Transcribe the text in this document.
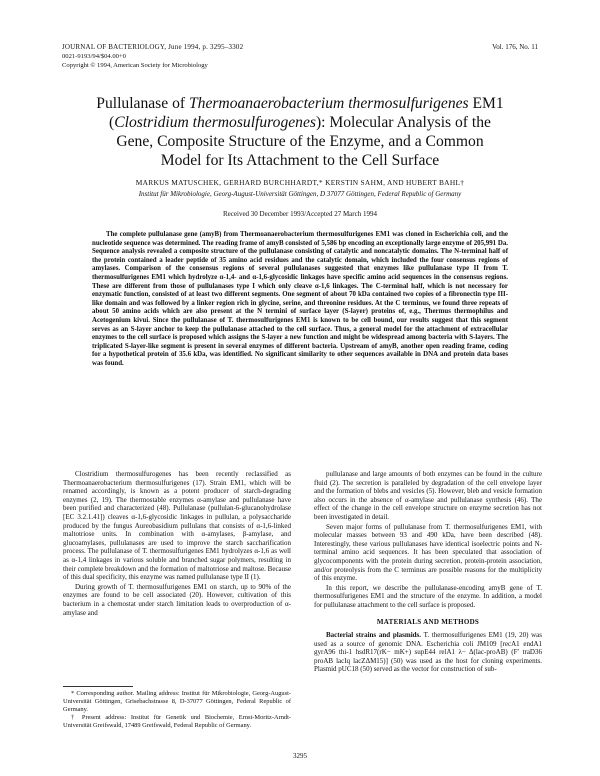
JOURNAL OF BACTERIOLOGY, June 1994, p. 3295–3302
0021-9193/94/$04.00+0
Copyright © 1994, American Society for Microbiology
Vol. 176, No. 11
Pullulanase of Thermoanaerobacterium thermosulfurigenes EM1
(Clostridium thermosulfurogenes): Molecular Analysis of the
Gene, Composite Structure of the Enzyme, and a Common
Model for Its Attachment to the Cell Surface
MARKUS MATUSCHEK, GERHARD BURCHHARDT,* KERSTIN SAHM, AND HUBERT BAHL†
Institut für Mikrobiologie, Georg-August-Universität Göttingen, D 37077 Göttingen, Federal Republic of Germany
Received 30 December 1993/Accepted 27 March 1994
The complete pullulanase gene (amyB) from Thermoanaerobacterium thermosulfurigenes EM1 was cloned in Escherichia coli, and the nucleotide sequence was determined. The reading frame of amyB consisted of 5,586 bp encoding an exceptionally large enzyme of 205,991 Da. Sequence analysis revealed a composite structure of the pullulanase consisting of catalytic and noncatalytic domains. The N-terminal half of the protein contained a leader peptide of 35 amino acid residues and the catalytic domain, which included the four consensus regions of amylases. Comparison of the consensus regions of several pullulanases suggested that enzymes like pullulanase type II from T. thermosulfurigenes EM1 which hydrolyze α-1,4- and α-1,6-glycosidic linkages have specific amino acid sequences in the consensus regions. These are different from those of pullulanases type I which only cleave α-1,6 linkages. The C-terminal half, which is not necessary for enzymatic function, consisted of at least two different segments. One segment of about 70 kDa contained two copies of a fibronectin type III-like domain and was followed by a linker region rich in glycine, serine, and threonine residues. At the C terminus, we found three repeats of about 50 amino acids which are also present at the N termini of surface layer (S-layer) proteins of, e.g., Thermus thermophilus and Acetogenium kivui. Since the pullulanase of T. thermosulfurigenes EM1 is known to be cell bound, our results suggest that this segment serves as an S-layer anchor to keep the pullulanase attached to the cell surface. Thus, a general model for the attachment of extracellular enzymes to the cell surface is proposed which assigns the S-layer a new function and might be widespread among bacteria with S-layers. The triplicated S-layer-like segment is present in several enzymes of different bacteria. Upstream of amyB, another open reading frame, coding for a hypothetical protein of 35.6 kDa, was identified. No significant similarity to other sequences available in DNA and protein data bases was found.

Clostridium thermosulfurogenes has been recently reclassified as Thermoanaerobacterium thermosulfurigenes (17). Strain EM1, which will be renamed accordingly, is known as a potent producer of starch-degrading enzymes (2, 19). The thermostable enzymes α-amylase and pullulanase have been purified and characterized (48). Pullulanase (pullulan-6-glucanohydrolase [EC 3.2.1.41]) cleaves α-1,6-glycosidic linkages in pullulan, a polysaccharide produced by the fungus Aureobasidium pullulans that consists of α-1,6-linked maltotriose units. In combination with α-amylases, β-amylase, and glucoamylases, pullulanases are used to improve the starch saccharification process. The pullulanase of T. thermosulfurigenes EM1 hydrolyzes α-1,6 as well as α-1,4 linkages in various soluble and branched sugar polymers, resulting in their complete breakdown and the formation of maltotriose and maltose. Because of this dual specificity, this enzyme was named pullulanase type II (1).

During growth of T. thermosulfurigenes EM1 on starch, up to 90% of the enzymes are found to be cell associated (20). However, cultivation of this bacterium in a chemostat under starch limitation leads to overproduction of α-amylase and

pullulanase and large amounts of both enzymes can be found in the culture fluid (2). The secretion is paralleled by degradation of the cell envelope layer and the formation of blebs and vesicles (5). However, bleb and vesicle formation also occurs in the absence of α-amylase and pullulanase synthesis (46). The effect of the change in the cell envelope structure on enzyme secretion has not been investigated in detail.

Seven major forms of pullulanase from T. thermosulfurigenes EM1, with molecular masses between 93 and 490 kDa, have been described (48). Interestingly, these various pullulanases have identical isoelectric points and N-terminal amino acid sequences. It has been speculated that association of glycocomponents with the protein during secretion, protein-protein association, and/or proteolysis from the C terminus are possible reasons for the multiplicity of this enzyme.

In this report, we describe the pullulanase-encoding amyB gene of T. thermosulfurigenes EM1 and the structure of the enzyme. In addition, a model for pullulanase attachment to the cell surface is proposed.

MATERIALS AND METHODS

Bacterial strains and plasmids. T. thermosulfurigenes EM1 (19, 20) was used as a source of genomic DNA. Escherichia coli JM109 [recA1 endA1 gyrA96 thi-1 hsdR17(rK− mK+) supE44 relA1 λ− Δ(lac-proAB) (F′ traD36 proAB lacIq lacZΔM15)] (50) was used as the host for cloning experiments. Plasmid pUC18 (50) served as the vector for construction of sub-

* Corresponding author. Mailing address: Institut für Mikrobiologie, Georg-August-Universität Göttingen, Grisebachstrasse 8, D-37077 Göttingen, Federal Republic of Germany.

† Present address: Institut für Genetik und Biochemie, Ernst-Moritz-Arndt-Universität Greifswald, 17489 Greifswald, Federal Republic of Germany.

3295
